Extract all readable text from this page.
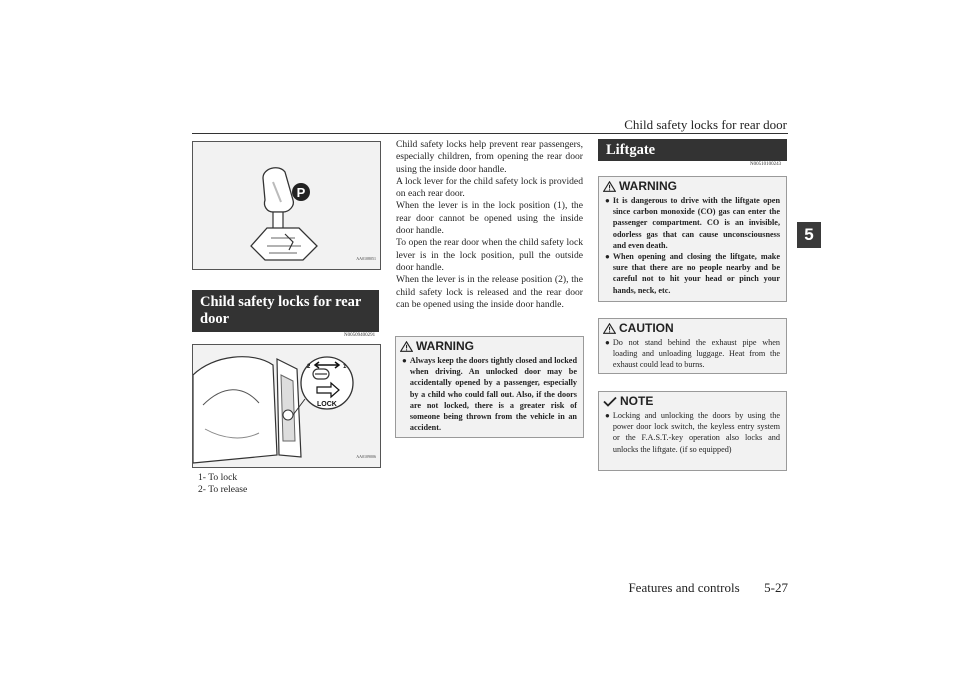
Child safety locks for rear door
5
P
AA0108051
Child safety locks for rear door
N00509400291
2	1
LOCK
AA0109006
1- To lock
2- To release

Child safety locks help prevent rear passengers, especially children, from opening the rear door using the inside door handle.

A lock lever for the child safety lock is provided on each rear door.

When the lever is in the lock position (1), the rear door cannot be opened using the inside door handle.

To open the rear door when the child safety lock lever is in the lock position, pull the outside door handle.

When the lever is in the release position (2), the child safety lock is released and the rear door can be opened using the inside door handle.

WARNING
● Always keep the doors tightly closed and locked when driving. An unlocked door may be accidentally opened by a passenger, especially by a child who could fall out. Also, if the doors are not locked, there is a greater risk of someone being thrown from the vehicle in an accident.
Liftgate
N00510100243
WARNING
● It is dangerous to drive with the liftgate open since carbon monoxide (CO) gas can enter the passenger compartment. CO is an invisible, odorless gas that can cause unconsciousness and even death.
● When opening and closing the liftgate, make sure that there are no people nearby and be careful not to hit your head or pinch your hands, neck, etc.
CAUTION
● Do not stand behind the exhaust pipe when loading and unloading luggage. Heat from the exhaust could lead to burns.
NOTE
● Locking and unlocking the doors by using the power door lock switch, the keyless entry system or the F.A.S.T.-key operation also locks and unlocks the liftgate. (if so equipped)
Features and controls 5-27
